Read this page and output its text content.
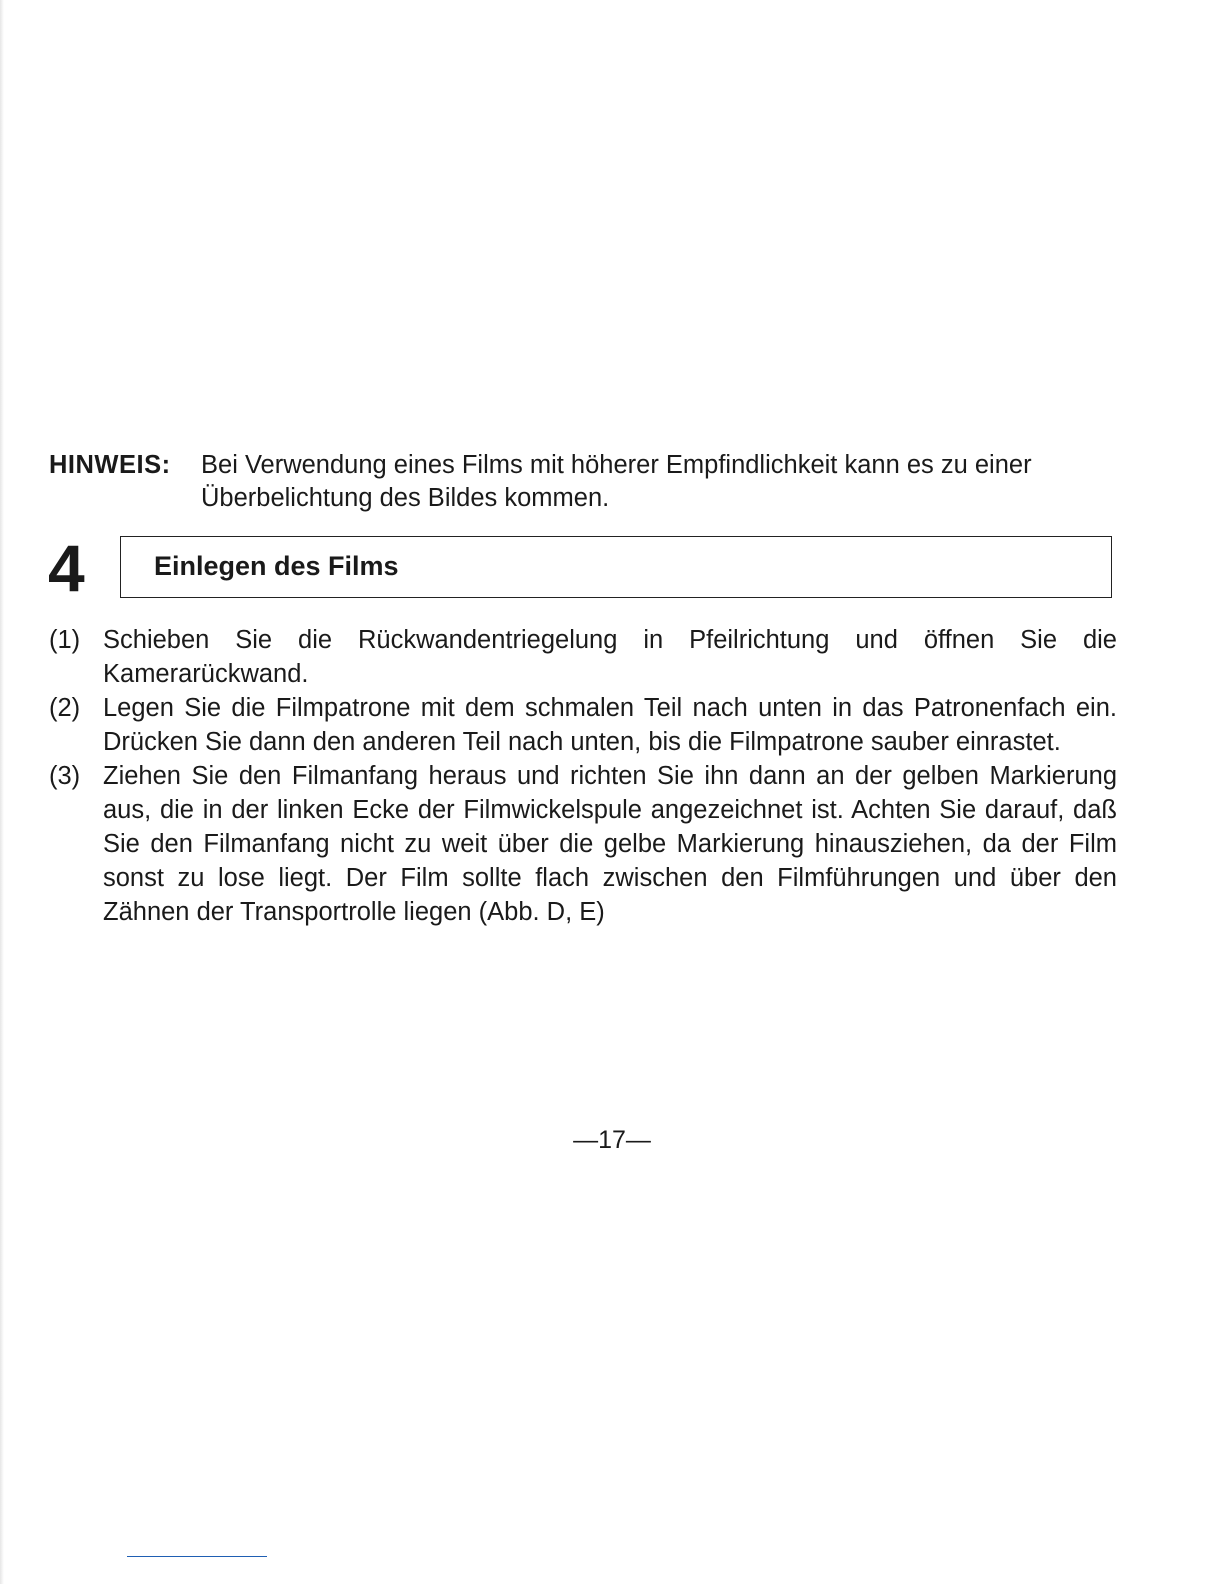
HINWEIS: Bei Verwendung eines Films mit höherer Empfindlichkeit kann es zu einer Überbelichtung des Bildes kommen.
4	Einlegen des Films
(1) Schieben Sie die Rückwandentriegelung in Pfeilrichtung und öffnen Sie die Kamerarückwand.
(2) Legen Sie die Filmpatrone mit dem schmalen Teil nach unten in das Patronenfach ein. Drücken Sie dann den anderen Teil nach unten, bis die Filmpatrone sauber einrastet.
(3) Ziehen Sie den Filmanfang heraus und richten Sie ihn dann an der gelben Markierung aus, die in der linken Ecke der Filmwickelspule angezeichnet ist. Achten Sie darauf, daß Sie den Filmanfang nicht zu weit über die gelbe Markierung hinausziehen, da der Film sonst zu lose liegt. Der Film sollte flach zwischen den Filmführungen und über den Zähnen der Transportrolle liegen (Abb. D, E)
—17—
